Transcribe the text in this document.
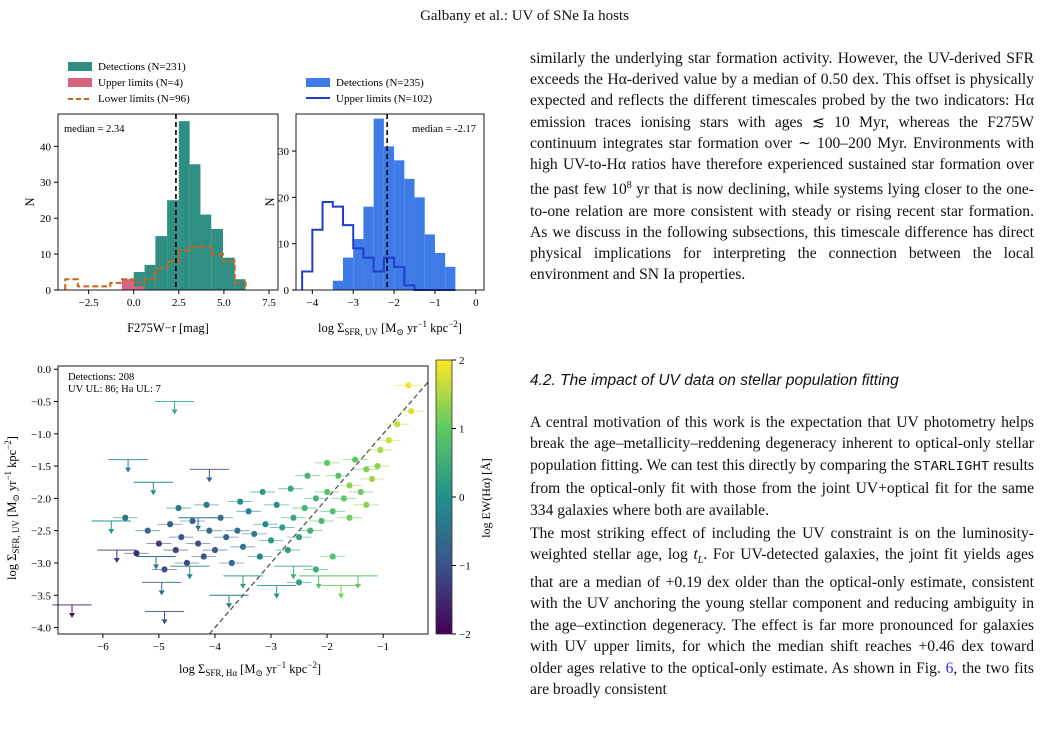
Galbany et al.: UV of SNe Ia hosts
Detections (N=231)
Upper limits (N=4)
Lower limits (N=96)
−2.5	0.0	2.5	5.0	7.5
0
10
20
30
40
median = 2.34
F275W−r [mag]
N
Detections (N=235)
Upper limits (N=102)
−4	−3	−2	−1	0
0
10
20
30
median = -2.17
$\log \Sigma_{SFR, UV}$ [$M_⊙$ $yr^{-1}$ kpc$^{-2}$]
N
−6	−5	−4	−3	−2	−1
0.0
−0.5
−1.0
−1.5
−2.0
−2.5
−3.0
−3.5
−4.0
Detections: 208
UV UL: 86; Ha UL: 7
$\log \Sigma_{SFR, H\alpha}$ [$M_⊙$ $yr^{-1}$ kpc$^{-2}$]
$\log \Sigma_{SFR, UV}$ [$M_⊙$ $yr^{-1}$ kpc$^{-2}$]
2
1
0
−1
−2
log EW(Hα) [Å]

similarly the underlying star formation activity. However, the UV-derived SFR exceeds the Hα-derived value by a median of 0.50 dex. This offset is physically expected and reflects the different timescales probed by the two indicators: Hα emission traces ionising stars with ages ≲ 10 Myr, whereas the F275W continuum integrates star formation over ∼ 100–200 Myr. Environments with high UV-to-Hα ratios have therefore experienced sustained star formation over the past few $10^8$ yr that is now declining, while systems lying closer to the one-to-one relation are more consistent with steady or rising recent star formation. As we discuss in the following subsections, this timescale difference has direct physical implications for interpreting the connection between the local environment and SN Ia properties.

4.2. The impact of UV data on stellar population fitting

A central motivation of this work is the expectation that UV photometry helps break the age–metallicity–reddening degeneracy inherent to optical-only stellar population fitting. We can test this directly by comparing the STARLIGHT results from the optical-only fit with those from the joint UV+optical fit for the same 334 galaxies where both are available.

The most striking effect of including the UV constraint is on the luminosity-weighted stellar age, $\log t_L$. For UV-detected galaxies, the joint fit yields ages that are a median of +0.19 dex older than the optical-only estimate, consistent with the UV anchoring the young stellar component and reducing ambiguity in the age–extinction degeneracy. The effect is far more pronounced for galaxies with UV upper limits, for which the median shift reaches +0.46 dex toward older ages relative to the optical-only estimate. As shown in Fig. 6, the two fits are broadly consistent
